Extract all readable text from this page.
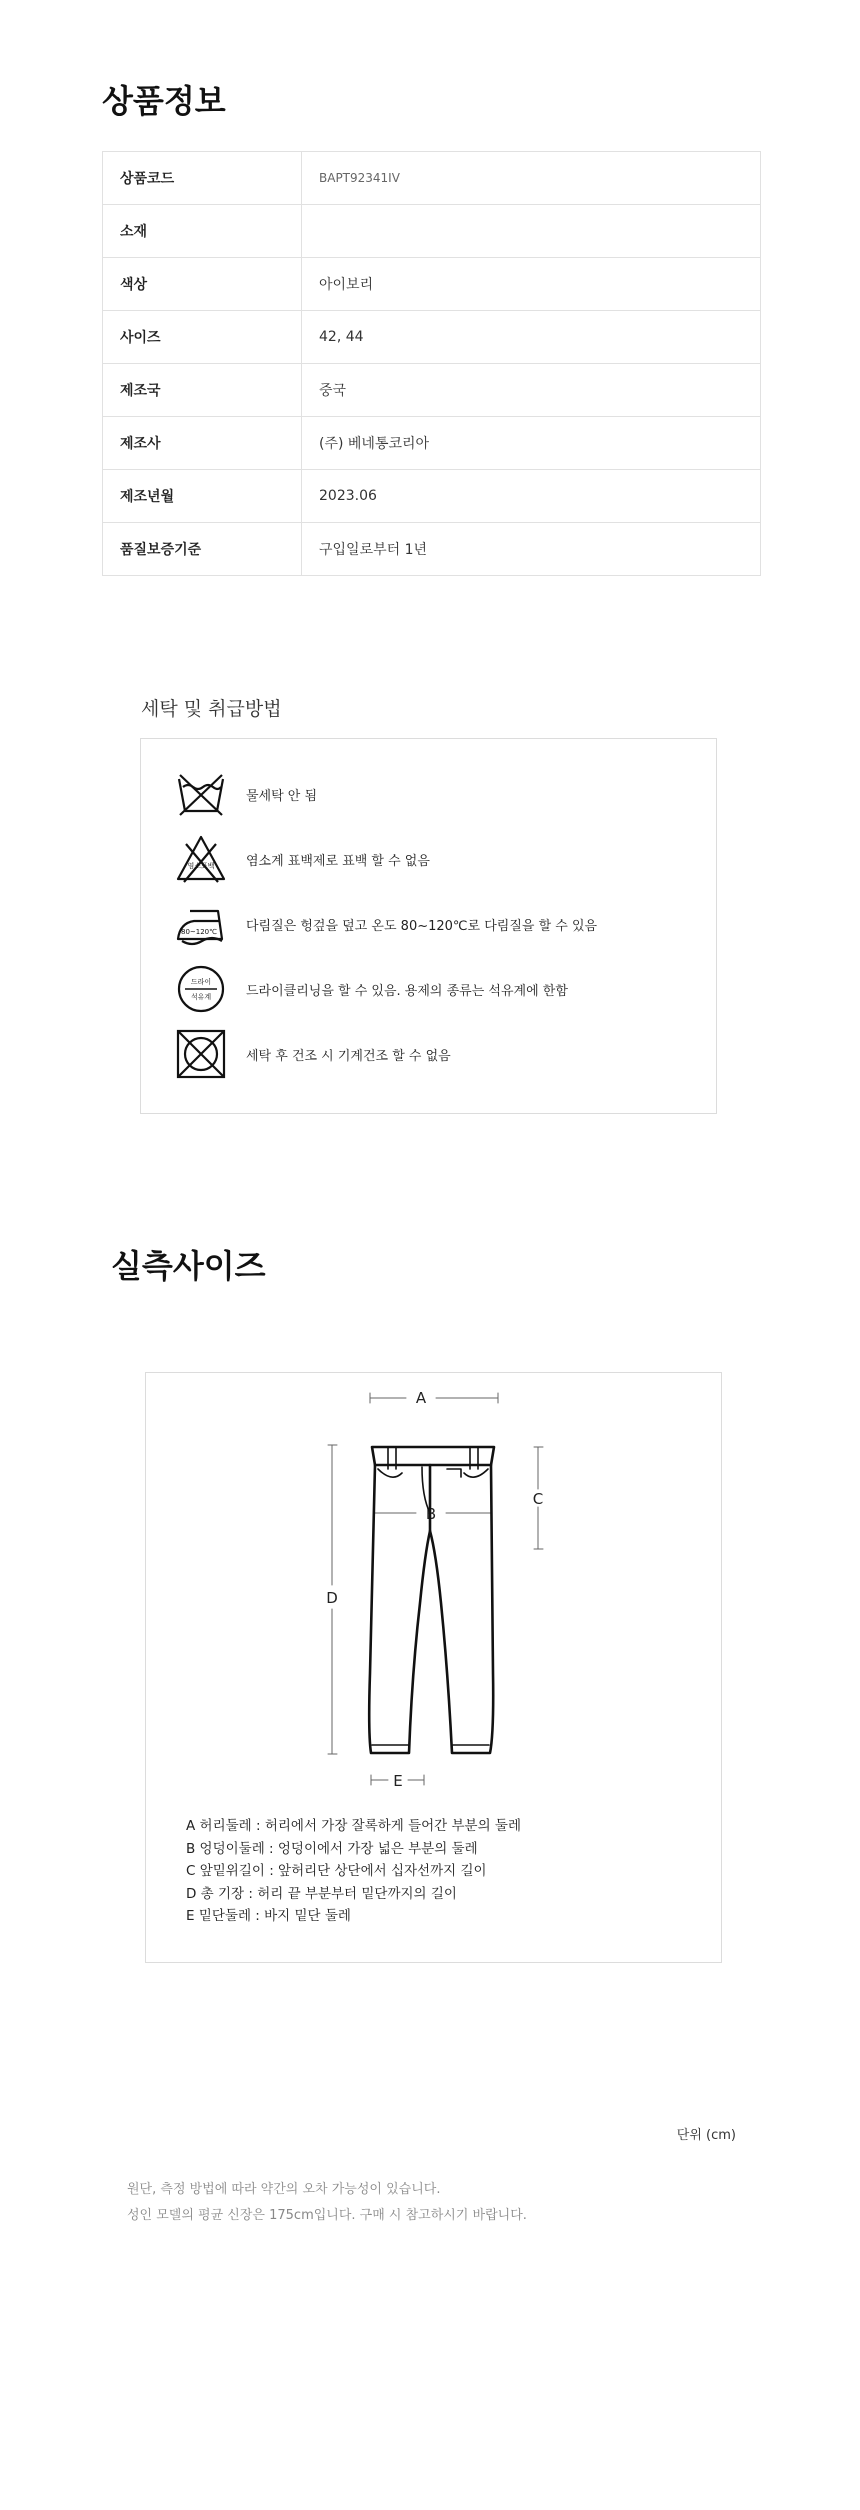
상품정보
상품코드	BAPT92341IV
소재	
색상	아이보리
사이즈	42, 44
제조국	중국
제조사	(주) 베네통코리아
제조년월	2023.06
품질보증기준	구입일로부터 1년
세탁 및 취급방법
물세탁 안 됨
염소표백 염소계 표백제로 표백 할 수 없음
80~120℃ 다림질은 헝겊을 덮고 온도 80~120℃로 다림질을 할 수 있음
드라이
석유계	드라이클리닝을 할 수 있음. 용제의 종류는 석유계에 한함
세탁 후 건조 시 기계건조 할 수 없음
실측사이즈
A
B
C
D
E
A 허리둘레 : 허리에서 가장 잘록하게 들어간 부분의 둘레
B 엉덩이둘레 : 엉덩이에서 가장 넓은 부분의 둘레
C 앞밑위길이 : 앞허리단 상단에서 십자선까지 길이
D 총 기장 : 허리 끝 부분부터 밑단까지의 길이
E 밑단둘레 : 바지 밑단 둘레
단위 (cm)
원단, 측정 방법에 따라 약간의 오차 가능성이 있습니다.
성인 모델의 평균 신장은 175cm입니다. 구매 시 참고하시기 바랍니다.
